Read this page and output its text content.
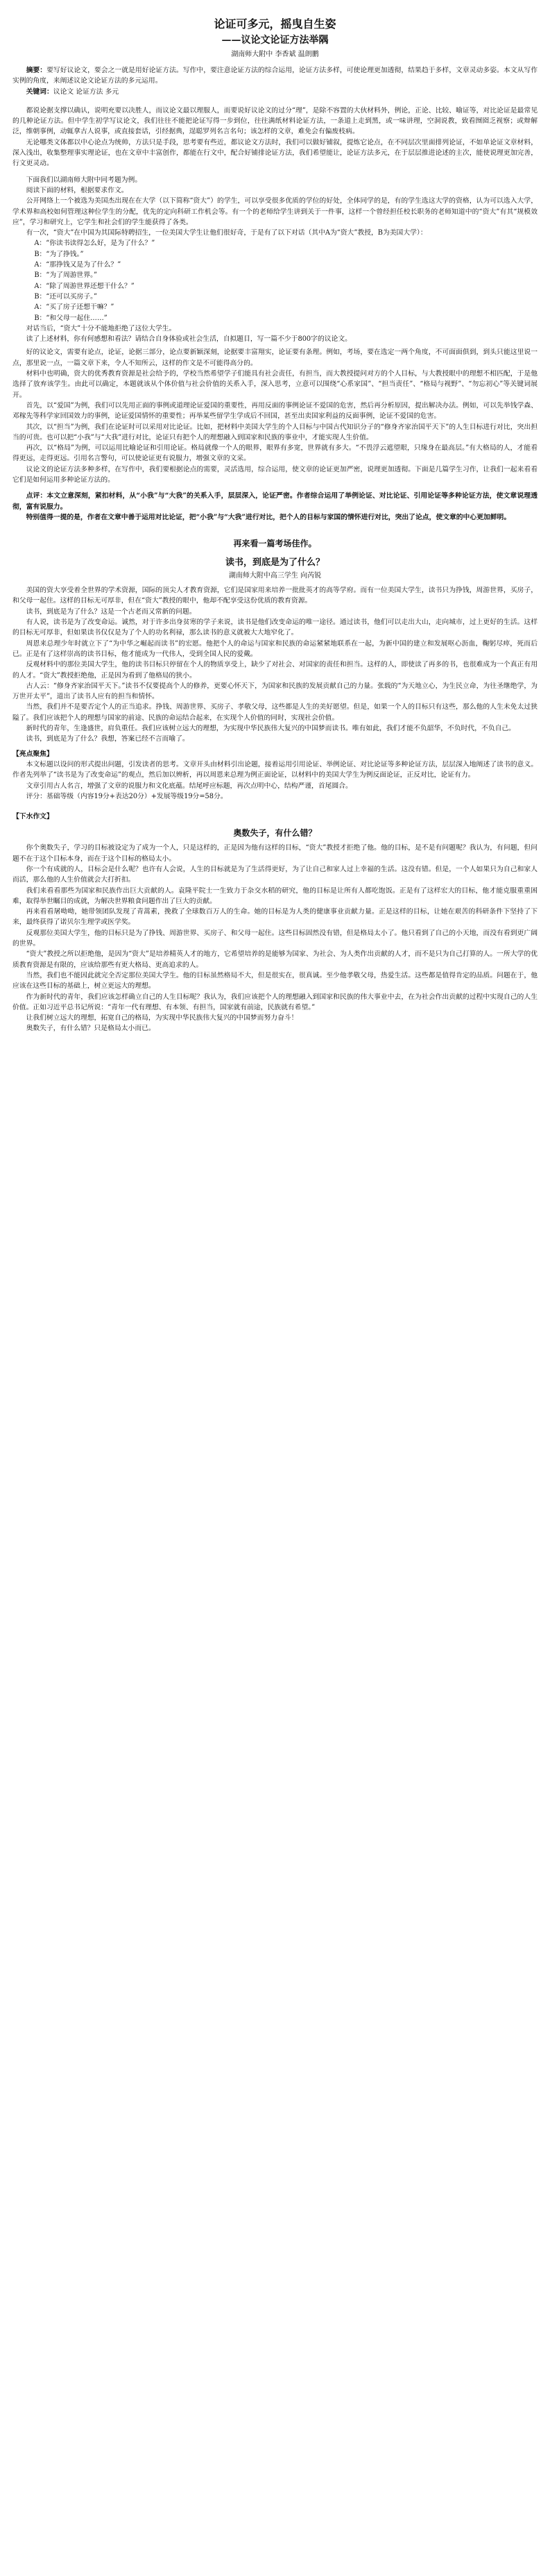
论证可多元，摇曳自生姿
——议论文论证方法举隅
湖南师大附中 李香斌 温朗鹏

摘要：要写好议论文，要会之一就是用好论证方法。写作中，要注意论证方法的综合运用，论证方法多样，可使论理更加透彻，结果趋于多样，文章灵动多姿。本文从写作实例的角度，来阐述议论文论证方法的多元运用。

关键词：议论文 论证方法 多元

都说论据支撑以确认，说明充要以决胜人，而议论文最以理服人，而要说好议论文的过分“理”，是除不容置的大伙材料外，例论，正论、比较、喻证等，对比论证是最常见的几种论证方法。但中学生初学写议论文，我们往往不能把论证写得一步到位，往往满纸材料论证方法，一条道上走到黑，或一味讲理，空洞说教，致看囫囵乏视察；或辩解泛，维朝事例，动辄拿古人说事，或直接套话，引经据典，逞聪罗列名言名句；该怎样的文章，难免会有偏废枝病。

无论哪类文体都以中心论点为统帅，方法只是手段，思考要有些近，都议论文方法时，我们可以做好铺叙，提炼它论点，在不同层次里面排列论证，不如单论证文章材料，深入浅出，收集整理事实理论证，也在文章中丰富创作，都能在行文中，配合好铺排论证方法，我们希望能让，论证方法多元，在于层层推进论述的主次，能使说理更加完善，行文更灵动。

下面我们以湖南师大附中同考题为例。

阅读下面的材料，根据要求作文。

公开网络上一个被选为美国杰出现在在大学（以下简称“资大”）的学生，可以享受很多优质的学位的好处，全体同学的是，有的学生选这大学的资格，认为可以选入大学，学术界和高校如何管理这种位学生的分配，优先的定向科研工作机会等。有一个的老师给学生讲到关于一件事，这样一个曾经担任校长职务的老师知道中的“资大”有其“规模效应”，学习和研究上，它学生和社会们的学生能获得了各类。

有一次，“资大”在中国为其国际特聘招生，一位美国大学生让他们很好奇，于是有了以下对话（其中A为“资大”教授，B为美国大学）：

A：“你读书读得怎么好，是为了什么？”

B：“为了挣钱。”

A：“那挣钱又是为了什么？”

B：“为了周游世界。”

A：“除了周游世界还想干什么？”

B：“还可以买房子。”

A：“买了房子还想干嘛？”

B：“和父母一起住……”

对话当后，“资大”十分不能地拒绝了这位大学生。

读了上述材料，你有何感想和看法？请结合自身体验或社会生活，自拟题目，写一篇不少于800字的议论文。

好的议论文，需要有论点，论证，论据三部分，论点要新颖深刻，论据要丰富翔实，论证要有条理。例如，考场，要在选定一两个角度，不可面面俱到，到头只能这里说一点，那里说一点，一篇文章下来，令人不知所云，这样的作文是不可能得高分的。

材料中也明确，资大的优秀教育资源是社会给予的，学校当然希望学子们能具有社会责任，有担当，而大教授提问对方的个人目标，与大教授眼中的理想不相匹配，于是他选择了放弃该学生。由此可以确定，本题就该从个体价值与社会价值的关系入手，深入思考，立意可以围绕“心系家国”、“担当责任”、“格局与视野”、“勿忘初心”等关键词展开。

首先，以“爱国”为例，我们可以先用正面的事例或道理论证爱国的重要性，再用反面的事例论证不爱国的危害，然后再分析原因，提出解决办法。例如，可以先举钱学森、邓稼先等科学家回国效力的事例，论证爱国情怀的重要性；再举某些留学生学成后不回国，甚至出卖国家利益的反面事例，论证不爱国的危害。

其次，以“担当”为例，我们在论证时可以采用对比论证。比如，把材料中美国大学生的个人目标与中国古代知识分子的“修身齐家治国平天下”的人生目标进行对比，突出担当的可贵。也可以把“小我”与“大我”进行对比，论证只有把个人的理想融入到国家和民族的事业中，才能实现人生价值。

再次，以“格局”为例，可以运用比喻论证和引用论证。格局就像一个人的眼界，眼界有多宽，世界就有多大。“不畏浮云遮望眼，只缘身在最高层。”有大格局的人，才能看得更远，走得更远。引用名言警句，可以使论证更有说服力，增强文章的文采。

议论文的论证方法多种多样，在写作中，我们要根据论点的需要，灵活选用，综合运用，使文章的论证更加严密，说理更加透彻。下面是几篇学生习作，让我们一起来看看它们是如何运用多种论证方法的。

点评：本文立意深刻，紧扣材料，从“小我”与“大我”的关系入手，层层深入，论证严密。作者综合运用了举例论证、对比论证、引用论证等多种论证方法，使文章说理透彻，富有说服力。

特别值得一提的是，作者在文章中善于运用对比论证，把“小我”与“大我”进行对比，把个人的目标与家国的情怀进行对比，突出了论点，使文章的中心更加鲜明。

再来看一篇考场佳作。
读书，到底是为了什么？
湖南师大附中高三学生 向芮锐

美国的资大享受着全世界的学术资源，国际的顶尖人才教育资源，它们是国家用来培养一批批英才的高等学府。而有一位美国大学生，读书只为挣钱，周游世界，买房子，和父母一起住。这样的目标无可厚非，但在“资大”教授的眼中，他却不配享受这份优质的教育资源。

读书，到底是为了什么？这是一个古老而又常新的问题。

有人说，读书是为了改变命运。诚然，对于许多出身贫寒的学子来说，读书是他们改变命运的唯一途径。通过读书，他们可以走出大山，走向城市，过上更好的生活。这样的目标无可厚非，但如果读书仅仅是为了个人的功名利禄，那么读书的意义就被大大地窄化了。

周恩来总理少年时就立下了“为中华之崛起而读书”的宏愿。他把个人的命运与国家和民族的命运紧紧地联系在一起，为新中国的建立和发展呕心沥血，鞠躬尽瘁，死而后已。正是有了这样崇高的读书目标，他才能成为一代伟人，受到全国人民的爱戴。

反观材料中的那位美国大学生，他的读书目标只停留在个人的物质享受上，缺少了对社会、对国家的责任和担当。这样的人，即使读了再多的书，也很难成为一个真正有用的人才。“资大”教授拒绝他，正是因为看到了他格局的狭小。

古人云：“修身齐家治国平天下。”读书不仅要提高个人的修养，更要心怀天下，为国家和民族的发展贡献自己的力量。张载的“为天地立心，为生民立命，为往圣继绝学，为万世开太平”，道出了读书人应有的担当和情怀。

当然，我们并不是要否定个人的正当追求。挣钱、周游世界、买房子、孝敬父母，这些都是人生的美好愿望。但是，如果一个人的目标只有这些，那么他的人生未免太过狭隘了。我们应该把个人的理想与国家的前途、民族的命运结合起来，在实现个人价值的同时，实现社会价值。

新时代的青年，生逢盛世，肩负重任。我们应该树立远大的理想，为实现中华民族伟大复兴的中国梦而读书。唯有如此，我们才能不负韶华，不负时代，不负自己。

读书，到底是为了什么？我想，答案已经不言而喻了。

【亮点聚焦】

本文标题以设问的形式提出问题，引发读者的思考。文章开头由材料引出论题，接着运用引用论证、举例论证、对比论证等多种论证方法，层层深入地阐述了读书的意义。作者先列举了“读书是为了改变命运”的观点，然后加以辨析，再以周恩来总理为例正面论证，以材料中的美国大学生为例反面论证，正反对比，论证有力。

文章引用古人名言，增强了文章的说服力和文化底蕴。结尾呼应标题，再次点明中心，结构严谨，首尾圆合。

评分：基础等级（内容19分+表达20分）+发展等级19分=58分。

【下水作文】

奥数失子，有什么错？

你个奥数失子，学习的目标被设定为了成为一个人，只是这样的，正是因为他有这样的目标，“资大”教授才拒绝了他。他的目标，是不是有问题呢？我认为，有问题，但问题不在于这个目标本身，而在于这个目标的格局太小。

你一个有成就的人，目标会是什么呢？也许有人会说，人生的目标就是为了生活得更好，为了让自己和家人过上幸福的生活。这没有错。但是，一个人如果只为自己和家人而活，那么他的人生价值就会大打折扣。

我们来看看那些为国家和民族作出巨大贡献的人。袁隆平院士一生致力于杂交水稻的研究，他的目标是让所有人都吃饱饭。正是有了这样宏大的目标，他才能克服重重困难，取得举世瞩目的成就，为解决世界粮食问题作出了巨大的贡献。

再来看看屠呦呦，她带领团队发现了青蒿素，挽救了全球数百万人的生命。她的目标是为人类的健康事业贡献力量。正是这样的目标，让她在艰苦的科研条件下坚持了下来，最终获得了诺贝尔生理学或医学奖。

反观那位美国大学生，他的目标只是为了挣钱、周游世界、买房子、和父母一起住。这些目标固然没有错，但是格局太小了。他只看到了自己的小天地，而没有看到更广阔的世界。

“资大”教授之所以拒绝他，是因为“资大”是培养精英人才的地方，它希望培养的是能够为国家、为社会、为人类作出贡献的人才，而不是只为自己打算的人。一所大学的优质教育资源是有限的，应该给那些有更大格局、更高追求的人。

当然，我们也不能因此就完全否定那位美国大学生。他的目标虽然格局不大，但是很实在，很真诚。至少他孝敬父母，热爱生活。这些都是值得肯定的品质。问题在于，他应该在这些目标的基础上，树立更远大的理想。

作为新时代的青年，我们应该怎样确立自己的人生目标呢？我认为，我们应该把个人的理想融入到国家和民族的伟大事业中去，在为社会作出贡献的过程中实现自己的人生价值。正如习近平总书记所说：“青年一代有理想、有本领、有担当，国家就有前途，民族就有希望。”

让我们树立远大的理想，拓宽自己的格局，为实现中华民族伟大复兴的中国梦而努力奋斗！

奥数失子，有什么错？只是格局太小而已。
